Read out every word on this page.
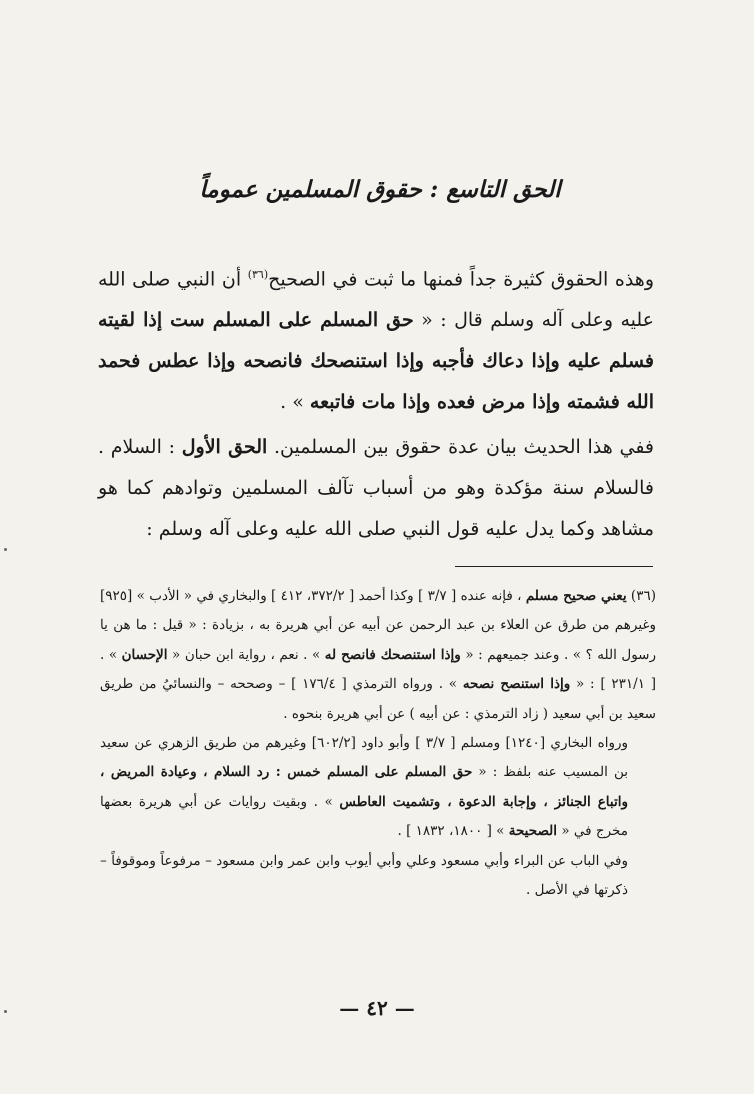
الحق التاسع : حقوق المسلمين عموماً

وهذه الحقوق كثيرة جداً فمنها ما ثبت في الصحيح$^{(٣٦)}$ أن النبي صلى الله عليه وعلى آله وسلم قال : « حق المسلم على المسلم ست إذا لقيته فسلم عليه وإذا دعاك فأجبه وإذا استنصحك فانصحه وإذا عطس فحمد الله فشمته وإذا مرض فعده وإذا مات فاتبعه » .

ففي هذا الحديث بيان عدة حقوق بين المسلمين. الحق الأول : السلام . فالسلام سنة مؤكدة وهو من أسباب تآلف المسلمين وتوادهم كما هو مشاهد وكما يدل عليه قول النبي صلى الله عليه وعلى آله وسلم :

(٣٦) يعني صحيح مسلم ، فإنه عنده [ ٣/٧ ] وكذا أحمد [ ٣٧٢/٢، ٤١٢ ] والبخاري في « الأدب » [٩٢٥] وغيرهم من طرق عن العلاء بن عبد الرحمن عن أبيه عن أبي هريرة به ، بزيادة : « قيل : ما هن يا رسول الله ؟ » . وعند جميعهم : « وإذا استنصحك فانصح له » . نعم ، رواية ابن حبان « الإحسان » . [ ٢٣١/١ ] : « وإذا استنصح نصحه » . ورواه الترمذي [ ١٧٦/٤ ] – وصححه – والنسائيُ من طريق سعيد بن أبي سعيد ( زاد الترمذي : عن أبيه ) عن أبي هريرة بنحوه .

ورواه البخاري [١٢٤٠] ومسلم [ ٣/٧ ] وأبو داود [٦٠٢/٢] وغيرهم من طريق الزهري عن سعيد بن المسيب عنه بلفظ : « حق المسلم على المسلم خمس : رد السلام ، وعيادة المريض ، واتباع الجنائز ، وإجابة الدعوة ، وتشميت العاطس » . وبقيت روايات عن أبي هريرة بعضها مخرج في « الصحيحة » [ ١٨٠٠، ١٨٣٢ ] .

وفي الباب عن البراء وأبي مسعود وعلي وأبي أيوب وابن عمر وابن مسعود – مرفوعاً وموقوفاً – ذكرتها في الأصل .

— ٤٢ —
